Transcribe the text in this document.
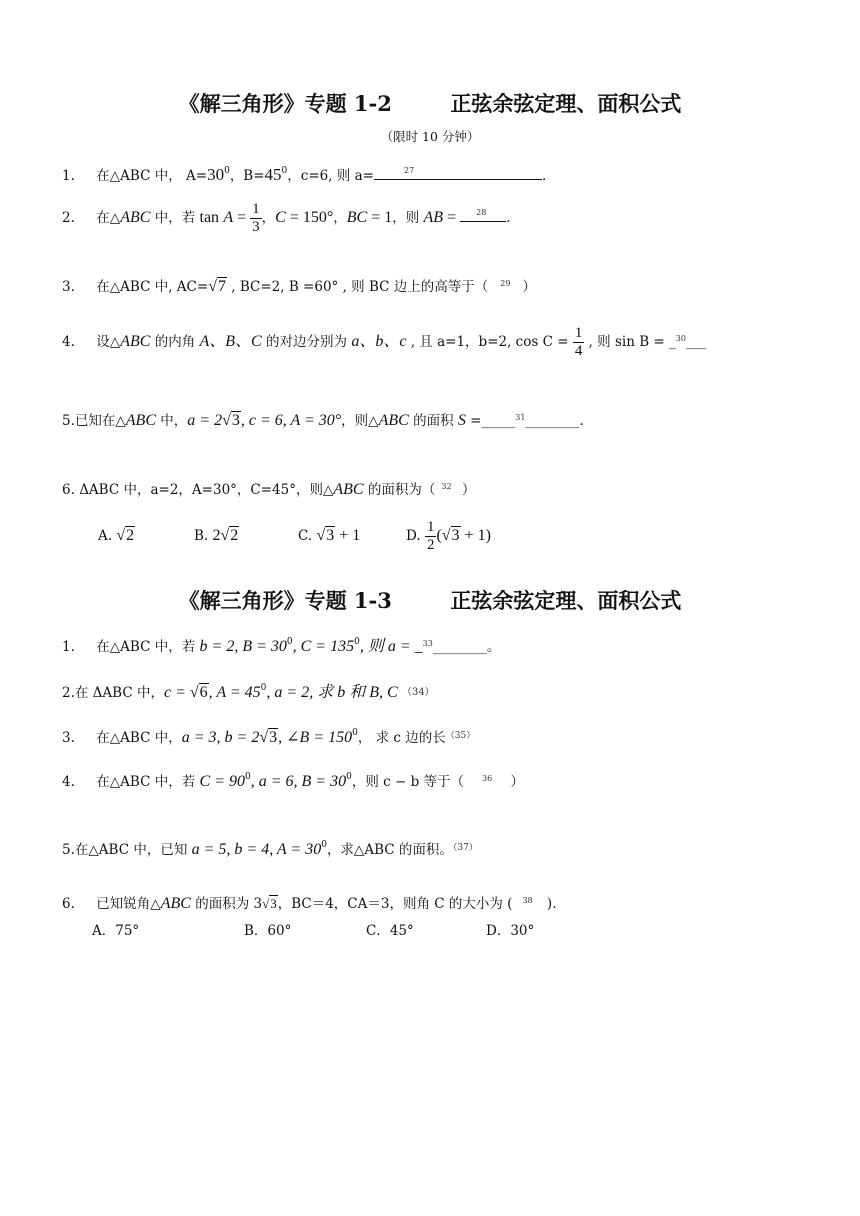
《解三角形》专题 1-2        正弦余弦定理、面积公式
（限时 10 分钟）
1. 在△ABC 中， $A=30^0$，$B=45^0$，c=6, 则 a=	27	.
2. 在△ABC 中，若 $\tan A = \frac{1}{3}$ ，C = 150°，BC = 1，则 AB = 28 .
3. 在△ABC 中, AC=√7 , BC=2, B =60° , 则 BC 边上的高等于（ $^{29}$ ）
4. 设△ABC 的内角 A、B、C 的对边分别为 a、b、c , 且 a=1，b=2, $\cos C = \frac{1}{4}$ , 则 sin B = _$^{30}$___
5.已知在△ABC 中，a = 2√3, c = 6, A = 30°，则△ABC 的面积 S =_____$^{31}$________.
6. ΔABC 中，a=2，A=30°，C=45°，则△ABC 的面积为（ $^{32}$ ）
A. √2	B. 2√2	C. √3 + 1	D. $\frac{1}{2} (√3 + 1)$
《解三角形》专题 1-3        正弦余弦定理、面积公式
1. 在△ABC 中，若 b = 2, $B = 30^0$, $C = 135^0$, 则 a = _$^{33}$________。
2.在 ΔABC 中，c = √6, $A = 45^0$, a = 2, 求 b 和 B, C （34）
3. 在△ABC 中，a = 3, b = 2√3, ∠B = $150^0$， 求 c 边的长$^{(35)}$
4. 在△ABC 中，若 $C = 90^0$, a = 6, $B = 30^0$，则 c − b 等于（ $^{36}$ ）
5.在△ABC 中，已知 a = 5, b = 4, $A = 30^0$，求△ABC 的面积。$^{(37)}$
6. 已知锐角△ABC 的面积为 3√3，BC＝4，CA＝3，则角 C 的大小为 ( $^{38}$ ).
A．75°	B．60°	C．45°	D．30°
